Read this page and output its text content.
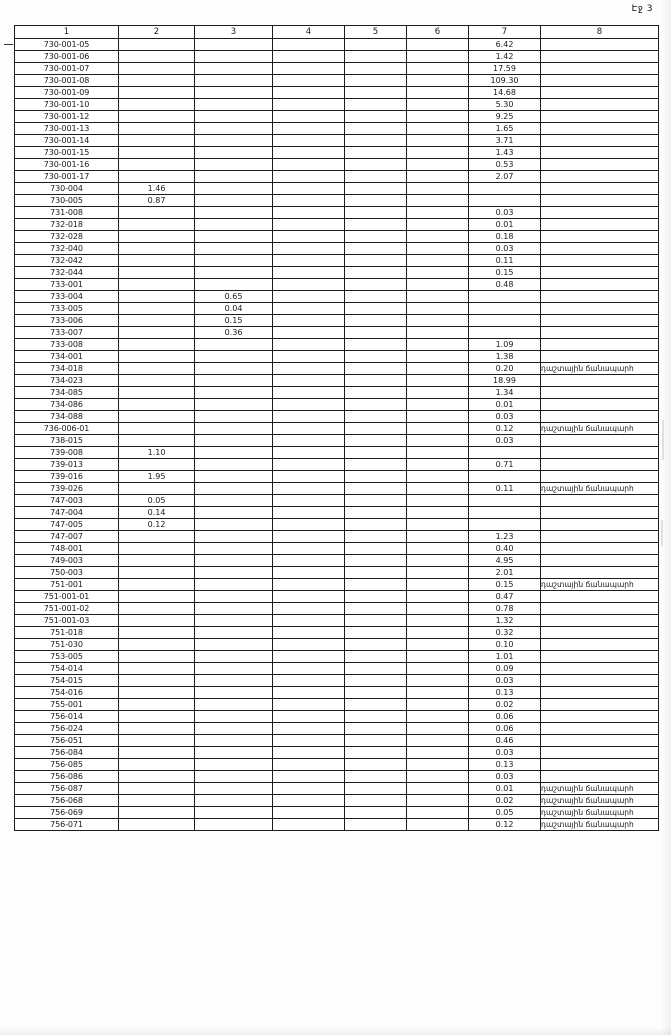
Էջ 3
1	2	3	4	5	6	7	8
730-001-05						6.42	
730-001-06						1.42	
730-001-07						17.59	
730-001-08						109.30	
730-001-09						14.68	
730-001-10						5.30	
730-001-12						9.25	
730-001-13						1.65	
730-001-14						3.71	
730-001-15						1.43	
730-001-16						0.53	
730-001-17						2.07	
730-004	1.46						
730-005	0.87						
731-008						0.03	
732-018						0.01	
732-028						0.18	
732-040						0.03	
732-042						0.11	
732-044						0.15	
733-001						0.48	
733-004		0.65					
733-005		0.04					
733-006		0.15					
733-007		0.36					
733-008						1.09	
734-001						1.38	
734-018						0.20	դաշտային ճանապարհ
734-023						18.99	
734-085						1.34	
734-086						0.01	
734-088						0.03	
736-006-01						0.12	դաշտային ճանապարհ
738-015						0.03	
739-008	1.10						
739-013						0.71	
739-016	1.95						
739-026						0.11	դաշտային ճանապարհ
747-003	0.05						
747-004	0.14						
747-005	0.12						
747-007						1.23	
748-001						0.40	
749-003						4.95	
750-003						2.01	
751-001						0.15	դաշտային ճանապարհ
751-001-01						0.47	
751-001-02						0.78	
751-001-03						1.32	
751-018						0.32	
751-030						0.10	
753-005						1.01	
754-014						0.09	
754-015						0.03	
754-016						0.13	
755-001						0.02	
756-014						0.06	
756-024						0.06	
756-051						0.46	
756-084						0.03	
756-085						0.13	
756-086						0.03	
756-087						0.01	դաշտային ճանապարհ
756-068						0.02	դաշտային ճանապարհ
756-069						0.05	դաշտային ճանապարհ
756-071						0.12	դաշտային ճանապարհ
